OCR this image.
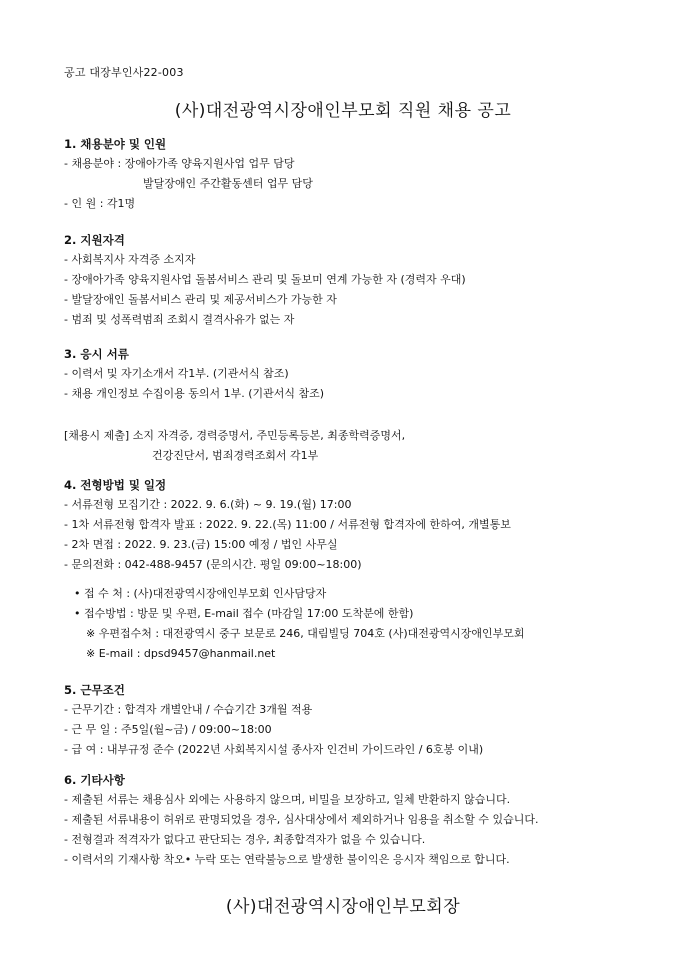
공고 대장부인사22-003
(사)대전광역시장애인부모회 직원 채용 공고
1. 채용분야 및 인원
- 채용분야 : 장애아가족 양육지원사업 업무 담당
발달장애인 주간활동센터 업무 담당
- 인 원 : 각1명
2. 지원자격
- 사회복지사 자격증 소지자
- 장애아가족 양육지원사업 돌봄서비스 관리 및 돌보미 연계 가능한 자 (경력자 우대)
- 발달장애인 돌봄서비스 관리 및 제공서비스가 가능한 자
- 범죄 및 성폭력범죄 조회시 결격사유가 없는 자
3. 응시 서류
- 이력서 및 자기소개서 각1부. (기관서식 참조)
- 채용 개인정보 수집이용 동의서 1부. (기관서식 참조)
[채용시 제출] 소지 자격증, 경력증명서, 주민등록등본, 최종학력증명서,
건강진단서, 범죄경력조회서 각1부
4. 전형방법 및 일정
- 서류전형 모집기간 : 2022. 9. 6.(화) ~ 9. 19.(월) 17:00
- 1차 서류전형 합격자 발표 : 2022. 9. 22.(목) 11:00 / 서류전형 합격자에 한하여, 개별통보
- 2차 면접 : 2022. 9. 23.(금) 15:00 예정 / 법인 사무실
- 문의전화 : 042-488-9457 (문의시간. 평일 09:00~18:00)
• 접 수 처 : (사)대전광역시장애인부모회 인사담당자
• 접수방법 : 방문 및 우편, E-mail 접수 (마감일 17:00 도착분에 한함)
※ 우편접수처 : 대전광역시 중구 보문로 246, 대림빌딩 704호 (사)대전광역시장애인부모회
※ E-mail : dpsd9457@hanmail.net
5. 근무조건
- 근무기간 : 합격자 개별안내 / 수습기간 3개월 적용
- 근 무 일 : 주5일(월~금) / 09:00~18:00
- 급 여 : 내부규정 준수 (2022년 사회복지시설 종사자 인건비 가이드라인 / 6호봉 이내)
6. 기타사항
- 제출된 서류는 채용심사 외에는 사용하지 않으며, 비밀을 보장하고, 일체 반환하지 않습니다.
- 제출된 서류내용이 허위로 판명되었을 경우, 심사대상에서 제외하거나 임용을 취소할 수 있습니다.
- 전형결과 적격자가 없다고 판단되는 경우, 최종합격자가 없을 수 있습니다.
- 이력서의 기재사항 착오• 누락 또는 연락불능으로 발생한 불이익은 응시자 책임으로 합니다.
(사)대전광역시장애인부모회장
